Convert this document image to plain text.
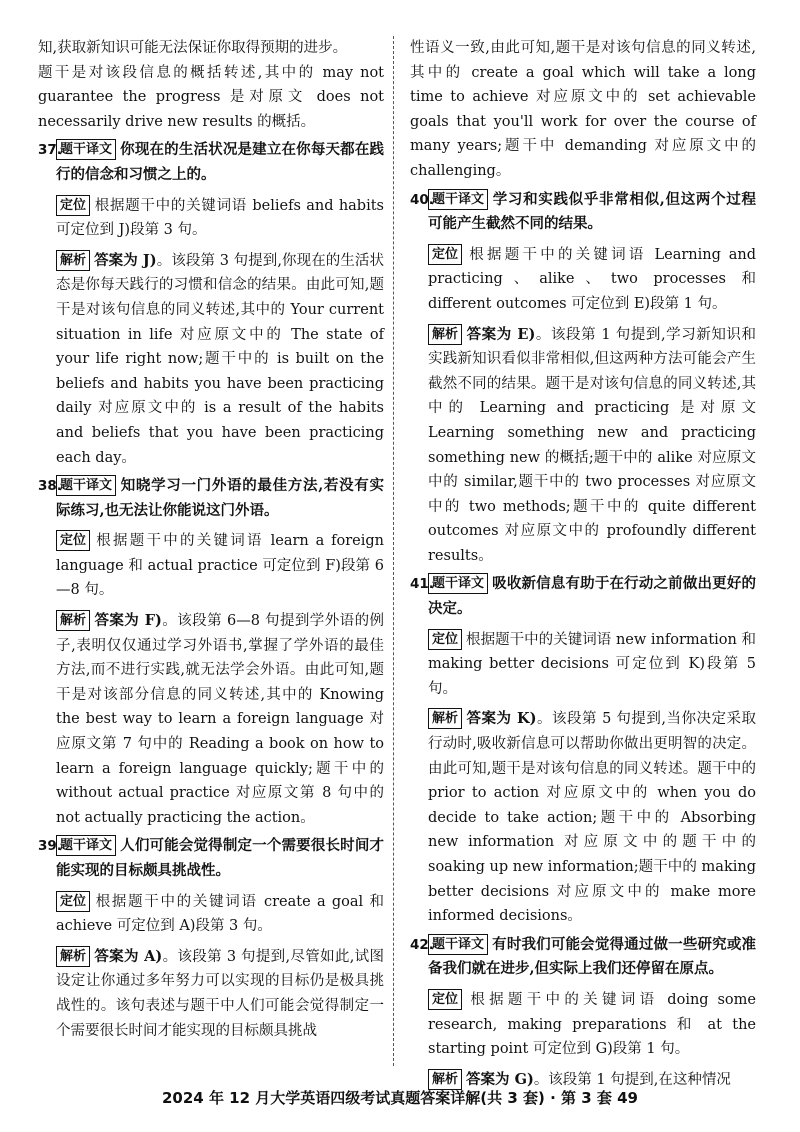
知,获取新知识可能无法保证你取得预期的进步。

题干是对该段信息的概括转述,其中的 may not guarantee the progress 是对原文 does not necessarily drive new results 的概括。

37.

题干译文 你现在的生活状况是建立在你每天都在践行的信念和习惯之上的。

定位 根据题干中的关键词语 beliefs and habits 可定位到 J)段第 3 句。

解析 答案为 J)。该段第 3 句提到,你现在的生活状态是你每天践行的习惯和信念的结果。由此可知,题干是对该句信息的同义转述,其中的 Your current situation in life 对应原文中的 The state of your life right now;题干中的 is built on the beliefs and habits you have been practicing daily 对应原文中的 is a result of the habits and beliefs that you have been practicing each day。

38.

题干译文 知晓学习一门外语的最佳方法,若没有实际练习,也无法让你能说这门外语。

定位 根据题干中的关键词语 learn a foreign language 和 actual practice 可定位到 F)段第 6—8 句。

解析 答案为 F)。该段第 6—8 句提到学外语的例子,表明仅仅通过学习外语书,掌握了学外语的最佳方法,而不进行实践,就无法学会外语。由此可知,题干是对该部分信息的同义转述,其中的 Knowing the best way to learn a foreign language 对应原文第 7 句中的 Reading a book on how to learn a foreign language quickly;题干中的 without actual practice 对应原文第 8 句中的 not actually practicing the action。

39.

题干译文 人们可能会觉得制定一个需要很长时间才能实现的目标颇具挑战性。

定位 根据题干中的关键词语 create a goal 和 achieve 可定位到 A)段第 3 句。

解析 答案为 A)。该段第 3 句提到,尽管如此,试图设定让你通过多年努力可以实现的目标仍是极具挑战性的。该句表述与题干中人们可能会觉得制定一个需要很长时间才能实现的目标颇具挑战

性语义一致,由此可知,题干是对该句信息的同义转述,其中的 create a goal which will take a long time to achieve 对应原文中的 set achievable goals that you'll work for over the course of many years;题干中 demanding 对应原文中的 challenging。

40.

题干译文 学习和实践似乎非常相似,但这两个过程可能产生截然不同的结果。

定位 根据题干中的关键词语 Learning and practicing、alike、two processes 和 different outcomes 可定位到 E)段第 1 句。

解析 答案为 E)。该段第 1 句提到,学习新知识和实践新知识看似非常相似,但这两种方法可能会产生截然不同的结果。题干是对该句信息的同义转述,其中的 Learning and practicing 是对原文 Learning something new and practicing something new 的概括;题干中的 alike 对应原文中的 similar,题干中的 two processes 对应原文中的 two methods;题干中的 quite different outcomes 对应原文中的 profoundly different results。

41.

题干译文 吸收新信息有助于在行动之前做出更好的决定。

定位 根据题干中的关键词语 new information 和 making better decisions 可定位到 K)段第 5 句。

解析 答案为 K)。该段第 5 句提到,当你决定采取行动时,吸收新信息可以帮助你做出更明智的决定。由此可知,题干是对该句信息的同义转述。题干中的 prior to action 对应原文中的 when you do decide to take action;题干中的 Absorbing new information 对应原文中的题干中的 soaking up new information;题干中的 making better decisions 对应原文中的 make more informed decisions。

42.

题干译文 有时我们可能会觉得通过做一些研究或准备我们就在进步,但实际上我们还停留在原点。

定位 根据题干中的关键词语 doing some research, making preparations 和 at the starting point 可定位到 G)段第 1 句。

解析 答案为 G)。该段第 1 句提到,在这种情况

2024 年 12 月大学英语四级考试真题答案详解(共 3 套) · 第 3 套 49
